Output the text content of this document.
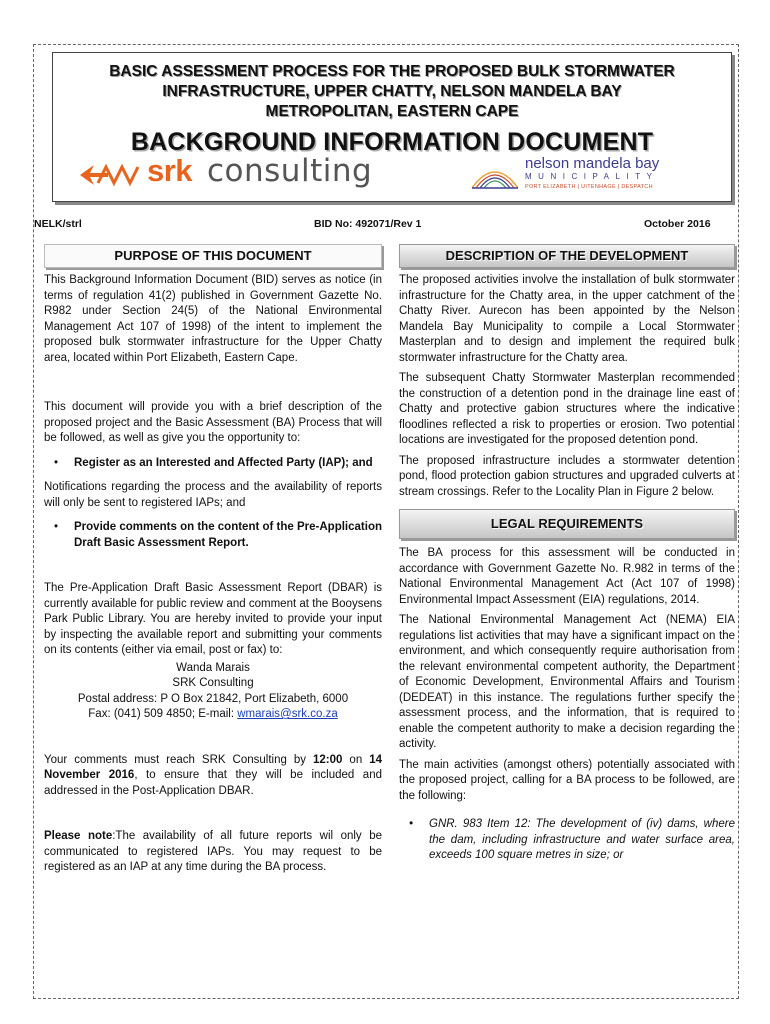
BASIC ASSESSMENT PROCESS FOR THE PROPOSED BULK STORMWATER
INFRASTRUCTURE, UPPER CHATTY, NELSON MANDELA BAY
METROPOLITAN, EASTERN CAPE
BACKGROUND INFORMATION DOCUMENT
srk consulting	nelson mandela bay
MUNICIPALITY
PORT ELIZABETH | UITENHAGE | DESPATCH
NELK/strl	BID No: 492071/Rev 1	October 2016
PURPOSE OF THIS DOCUMENT

This Background Information Document (BID) serves as notice (in terms of regulation 41(2) published in Government Gazette No. R982 under Section 24(5) of the National Environmental Management Act 107 of 1998) of the intent to implement the proposed bulk stormwater infrastructure for the Upper Chatty area, located within Port Elizabeth, Eastern Cape.

This document will provide you with a brief description of the proposed project and the Basic Assessment (BA) Process that will be followed, as well as give you the opportunity to:

• Register as an Interested and Affected Party (IAP); and

Notifications regarding the process and the availability of reports will only be sent to registered IAPs; and

• Provide comments on the content of the Pre-Application Draft Basic Assessment Report.

The Pre-Application Draft Basic Assessment Report (DBAR) is currently available for public review and comment at the Booysens Park Public Library. You are hereby invited to provide your input by inspecting the available report and submitting your comments on its contents (either via email, post or fax) to:

Wanda Marais

SRK Consulting

Postal address: P O Box 21842, Port Elizabeth, 6000

Fax: (041) 509 4850; E-mail: wmarais@srk.co.za

Your comments must reach SRK Consulting by 12:00 on 14 November 2016, to ensure that they will be included and addressed in the Post-Application DBAR.

Please note:The availability of all future reports wil only be communicated to registered IAPs. You may request to be registered as an IAP at any time during the BA process.

DESCRIPTION OF THE DEVELOPMENT

The proposed activities involve the installation of bulk stormwater infrastructure for the Chatty area, in the upper catchment of the Chatty River. Aurecon has been appointed by the Nelson Mandela Bay Municipality to compile a Local Stormwater Masterplan and to design and implement the required bulk stormwater infrastructure for the Chatty area.

The subsequent Chatty Stormwater Masterplan recommended the construction of a detention pond in the drainage line east of Chatty and protective gabion structures where the indicative floodlines reflected a risk to properties or erosion. Two potential locations are investigated for the proposed detention pond.

The proposed infrastructure includes a stormwater detention pond, flood protection gabion structures and upgraded culverts at stream crossings. Refer to the Locality Plan in Figure 2 below.

LEGAL REQUIREMENTS

The BA process for this assessment will be conducted in accordance with Government Gazette No. R.982 in terms of the National Environmental Management Act (Act 107 of 1998) Environmental Impact Assessment (EIA) regulations, 2014.

The National Environmental Management Act (NEMA) EIA regulations list activities that may have a significant impact on the environment, and which consequently require authorisation from the relevant environmental competent authority, the Department of Economic Development, Environmental Affairs and Tourism (DEDEAT) in this instance. The regulations further specify the assessment process, and the information, that is required to enable the competent authority to make a decision regarding the activity.

The main activities (amongst others) potentially associated with the proposed project, calling for a BA process to be followed, are the following:

• GNR. 983 Item 12: The development of (iv) dams, where the dam, including infrastructure and water surface area, exceeds 100 square metres in size; or
